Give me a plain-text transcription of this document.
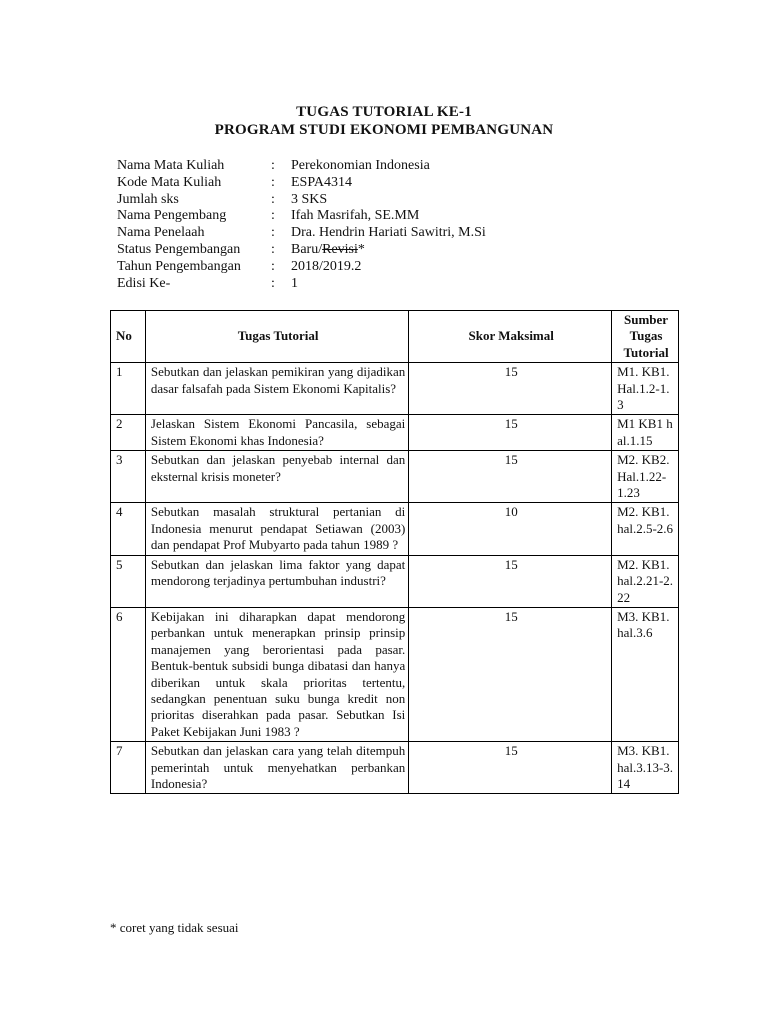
TUGAS TUTORIAL KE-1
PROGRAM STUDI EKONOMI PEMBANGUNAN
Nama Mata Kuliah	:	Perekonomian Indonesia
Kode Mata Kuliah	:	ESPA4314
Jumlah sks	:	3 SKS
Nama Pengembang	:	Ifah Masrifah, SE.MM
Nama Penelaah	:	Dra. Hendrin Hariati Sawitri, M.Si
Status Pengembangan	:	Baru/Revisi*
Tahun Pengembangan	:	2018/2019.2
Edisi Ke-	:	1
No	Tugas Tutorial	Skor Maksimal	Sumber
Tugas
Tutorial

1	Sebutkan dan jelaskan pemikiran yang dijadikan dasar falsafah pada Sistem Ekonomi Kapitalis?	15	M1. KB1. Hal.1.2-1.3
2	Jelaskan Sistem Ekonomi Pancasila, sebagai Sistem Ekonomi khas Indonesia?	15	M1 KB1 hal.1.15
3	Sebutkan dan jelaskan penyebab internal dan eksternal krisis moneter?	15	M2. KB2. Hal.1.22-1.23
4	Sebutkan masalah struktural pertanian di Indonesia menurut pendapat Setiawan (2003) dan pendapat Prof Mubyarto pada tahun 1989 ?	10	M2. KB1. hal.2.5-2.6
5	Sebutkan dan jelaskan lima faktor yang dapat mendorong terjadinya pertumbuhan industri?	15	M2. KB1. hal.2.21-2.22
6	Kebijakan ini diharapkan dapat mendorong perbankan untuk menerapkan prinsip prinsip manajemen yang berorientasi pada pasar. Bentuk-bentuk subsidi bunga dibatasi dan hanya diberikan untuk skala prioritas tertentu, sedangkan penentuan suku bunga kredit non prioritas diserahkan pada pasar. Sebutkan Isi Paket Kebijakan Juni 1983 ?	15	M3. KB1. hal.3.6
7	Sebutkan dan jelaskan cara yang telah ditempuh pemerintah untuk menyehatkan perbankan Indonesia?	15	M3. KB1. hal.3.13-3.14
* coret yang tidak sesuai
